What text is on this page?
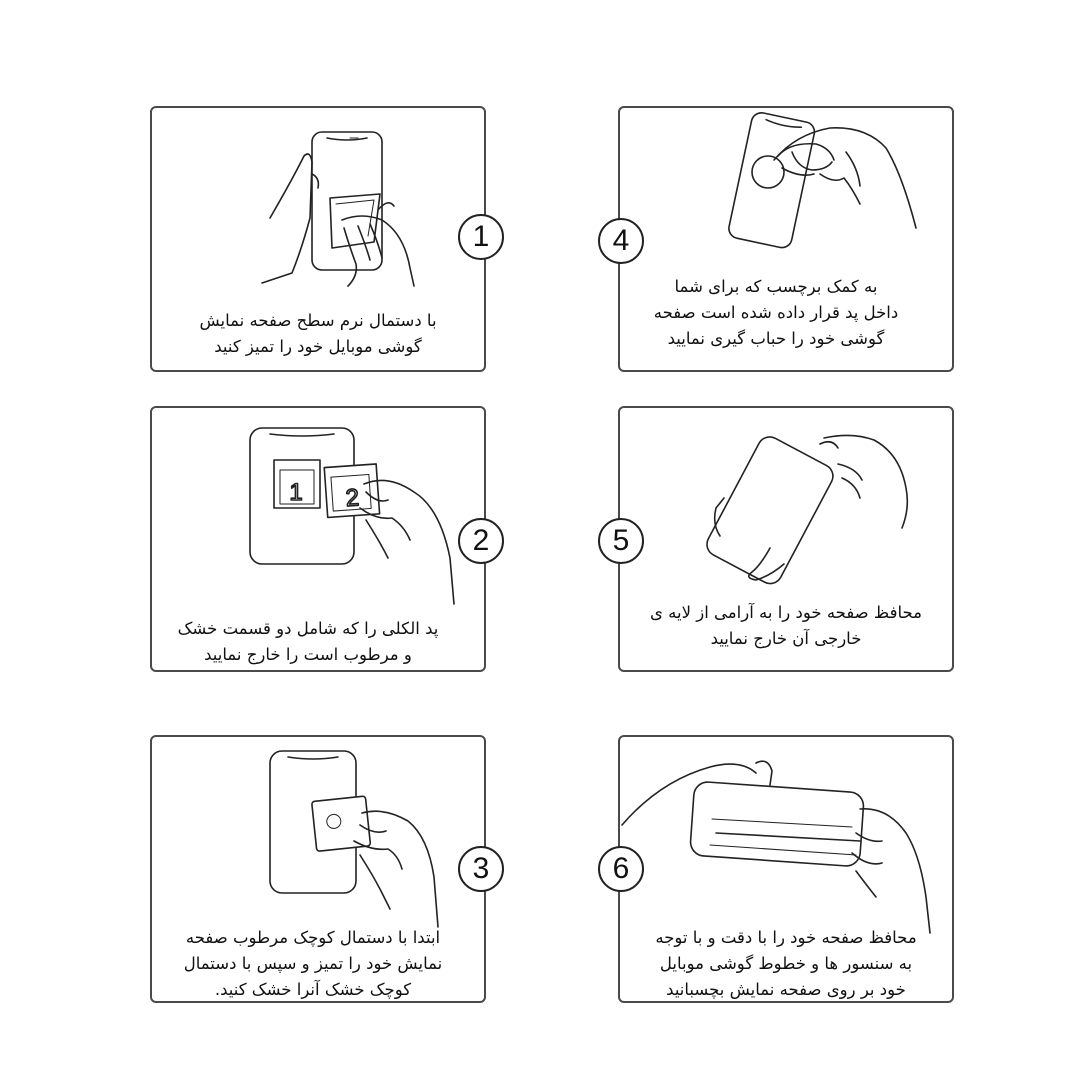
با دستمال نرم سطح صفحه نمایش
گوشی موبایل خود را تمیز کنید
1
به کمک برچسب که برای شما
داخل پد قرار داده شده است صفحه
گوشی خود را حباب گیری نمایید
4
1 2
پد الکلی را که شامل دو قسمت خشک
و مرطوب است را خارج نمایید
2
محافظ صفحه خود را به آرامی از لایه ی
خارجی آن خارج نمایید
5
ابتدا با دستمال کوچک مرطوب صفحه
نمایش خود را تمیز و سپس با دستمال
کوچک خشک آنرا خشک کنید.
3
محافظ صفحه خود را با دقت و با توجه
به سنسور ها و خطوط گوشی موبایل
خود بر روی صفحه نمایش بچسبانید
6
